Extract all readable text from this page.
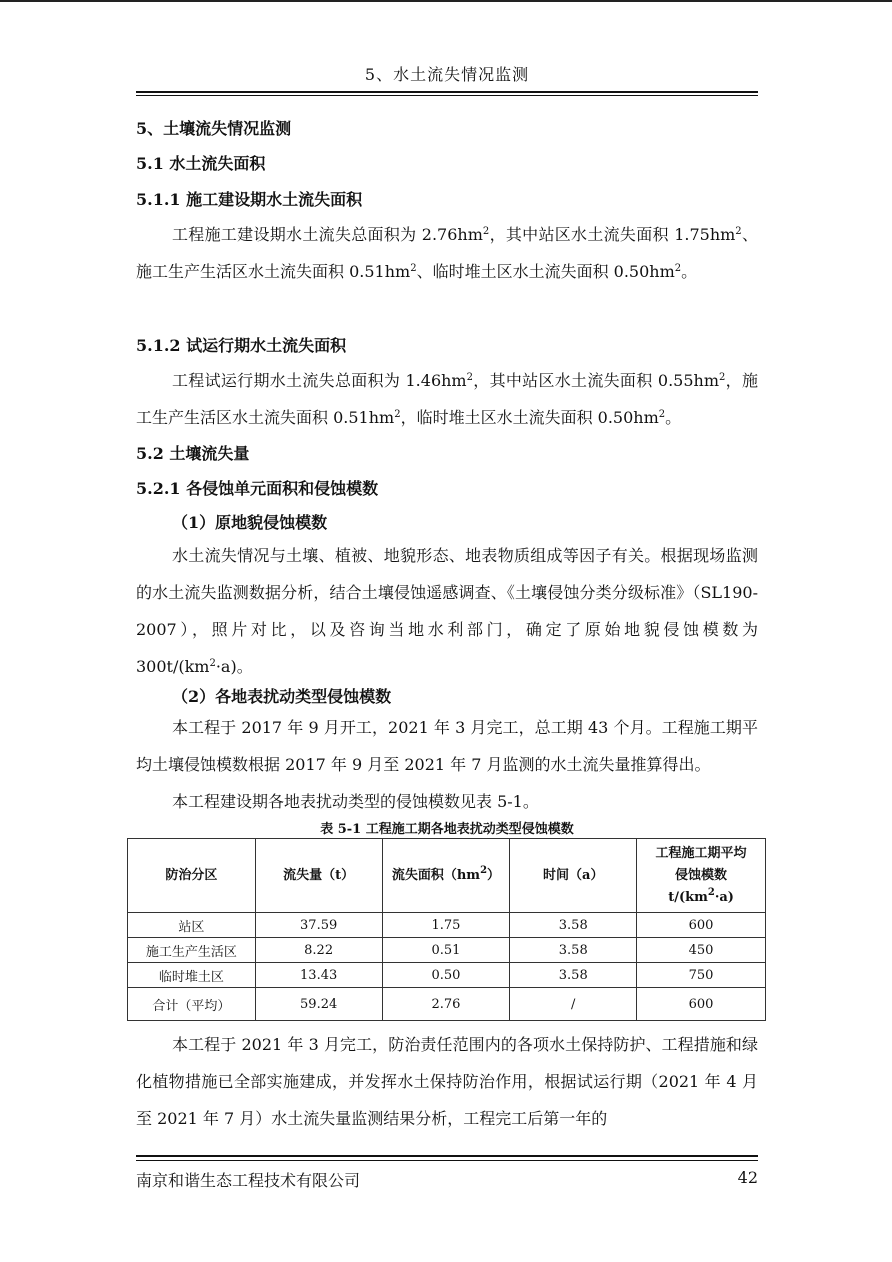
5、水土流失情况监测
5、土壤流失情况监测
5.1 水土流失面积
5.1.1 施工建设期水土流失面积

工程施工建设期水土流失总面积为 $2.76hm^2$，其中站区水土流失面积 $1.75hm^2$、施工生产生活区水土流失面积 $0.51hm^2$、临时堆土区水土流失面积 $0.50hm^2$。

5.1.2 试运行期水土流失面积

工程试运行期水土流失总面积为 $1.46hm^2$，其中站区水土流失面积 $0.55hm^2$，施工生产生活区水土流失面积 $0.51hm^2$，临时堆土区水土流失面积 $0.50hm^2$。

5.2 土壤流失量
5.2.1 各侵蚀单元面积和侵蚀模数
（1）原地貌侵蚀模数

水土流失情况与土壤、植被、地貌形态、地表物质组成等因子有关。根据现场监测的水土流失监测数据分析，结合土壤侵蚀遥感调查、《土壤侵蚀分类分级标准》（SL190-2007），照片对比，以及咨询当地水利部门，确定了原始地貌侵蚀模数为 $300t/(km^2\cdot a)$。

（2）各地表扰动类型侵蚀模数

本工程于 2017 年 9 月开工，2021 年 3 月完工，总工期 43 个月。工程施工期平均土壤侵蚀模数根据 2017 年 9 月至 2021 年 7 月监测的水土流失量推算得出。

本工程建设期各地表扰动类型的侵蚀模数见表 5-1。

表 5-1 工程施工期各地表扰动类型侵蚀模数
防治分区	流失量（t）	流失面积$(hm^2)$	时间（a）	工程施工期平均
侵蚀模数
$t/(km^2\cdot a)$
站区	37.59	1.75	3.58	600
施工生产生活区	8.22	0.51	3.58	450
临时堆土区	13.43	0.50	3.58	750
合计（平均）	59.24	2.76	/	600

本工程于 2021 年 3 月完工，防治责任范围内的各项水土保持防护、工程措施和绿化植物措施已全部实施建成，并发挥水土保持防治作用，根据试运行期（2021 年 4 月至 2021 年 7 月）水土流失量监测结果分析，工程完工后第一年的

南京和谐生态工程技术有限公司	42
